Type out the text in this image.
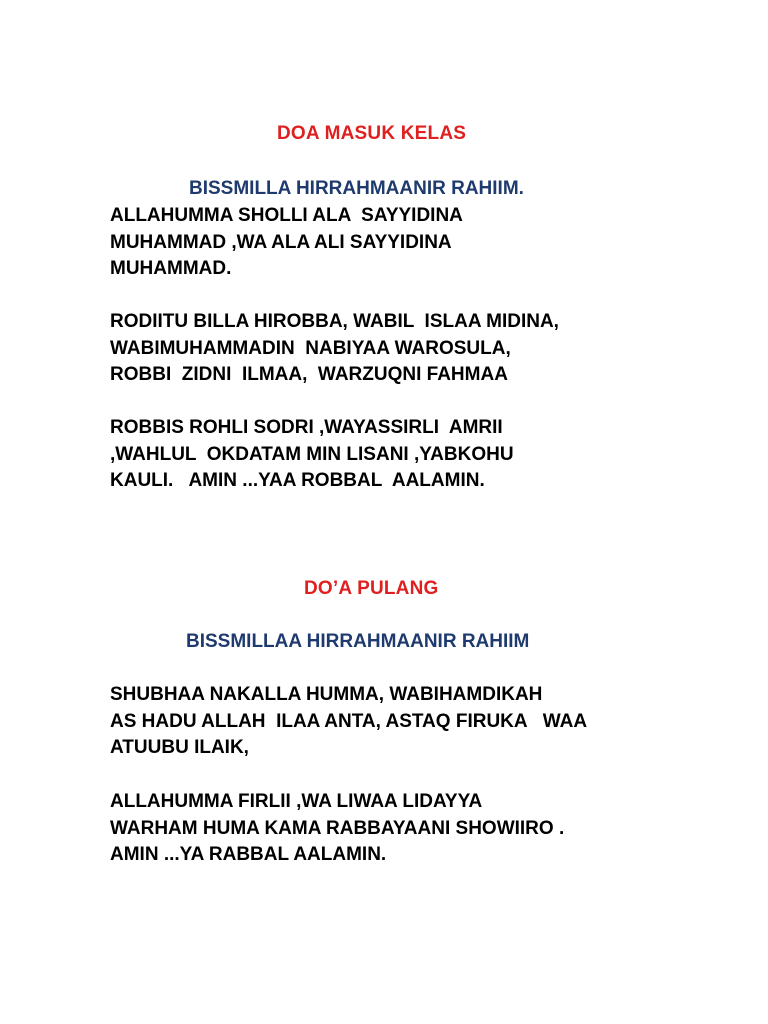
DOA MASUK KELAS
BISSMILLA HIRRAHMAANIR RAHIIM.
ALLAHUMMA SHOLLI ALA  SAYYIDINA
MUHAMMAD ,WA ALA ALI SAYYIDINA
MUHAMMAD.
RODIITU BILLA HIROBBA, WABIL  ISLAA MIDINA,
WABIMUHAMMADIN  NABIYAA WAROSULA,
ROBBI  ZIDNI  ILMAA,  WARZUQNI FAHMAA
ROBBIS ROHLI SODRI ,WAYASSIRLI  AMRII
,WAHLUL  OKDATAM MIN LISANI ,YABKOHU
KAULI.   AMIN ...YAA ROBBAL  AALAMIN.
DO’A PULANG
BISSMILLAA HIRRAHMAANIR RAHIIM
SHUBHAA NAKALLA HUMMA, WABIHAMDIKAH
AS HADU ALLAH  ILAA ANTA, ASTAQ FIRUKA   WAA
ATUUBU ILAIK,
ALLAHUMMA FIRLII ,WA LIWAA LIDAYYA
WARHAM HUMA KAMA RABBAYAANI SHOWIIRO .
AMIN ...YA RABBAL AALAMIN.
